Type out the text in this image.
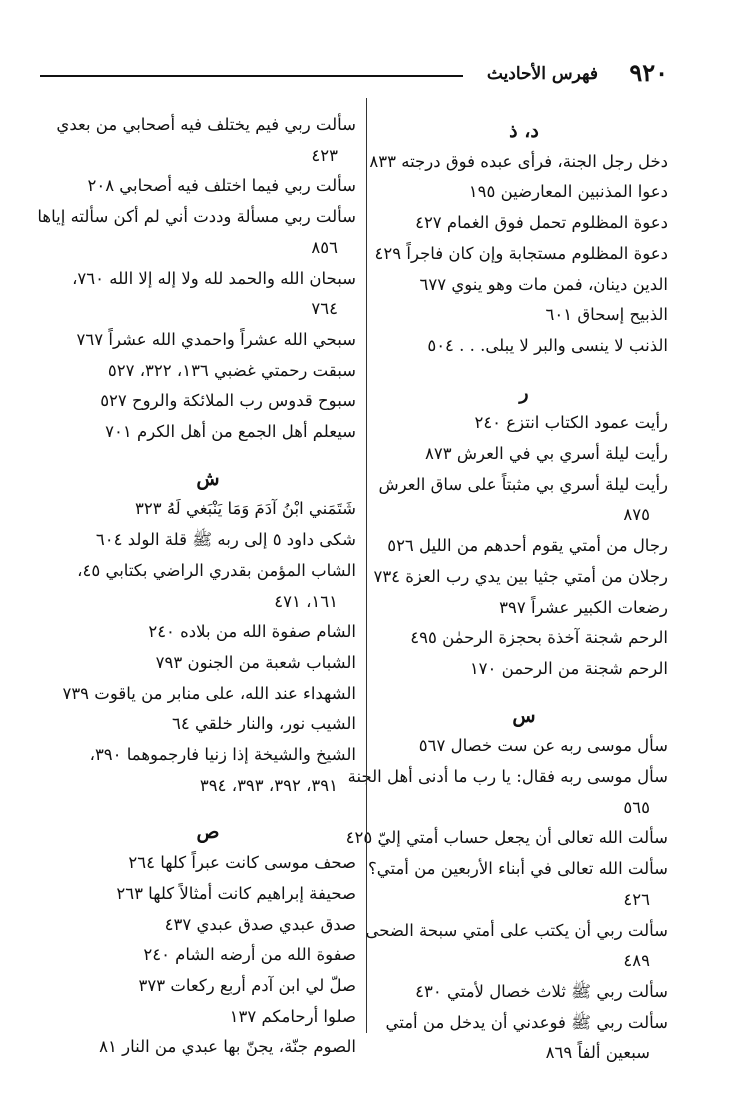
٩٢٠
فهرس الأحاديث
د، ذ
دخل رجل الجنة، فرأى عبده فوق درجته ٨٣٣
دعوا المذنبين المعارضين ١٩٥
دعوة المظلوم تحمل فوق الغمام ٤٢٧
دعوة المظلوم مستجابة وإن كان فاجراً ٤٢٩
الدين دينان، فمن مات وهو ينوي ٦٧٧
الذبيح إسحاق ٦٠١
الذنب لا ينسى والبر لا يبلى. . . ٥٠٤
ر
رأيت عمود الكتاب انتزع ٢٤٠
رأيت ليلة أسري بي في العرش ٨٧٣
رأيت ليلة أسري بي مثبتاً على ساق العرش
٨٧٥
رجال من أمتي يقوم أحدهم من الليل ٥٢٦
رجلان من أمتي جثيا بين يدي رب العزة ٧٣٤
رضعات الكبير عشراً ٣٩٧
الرحم شجنة آخذة بحجزة الرحمٰن ٤٩٥
الرحم شجنة من الرحمن ١٧٠
س
سأل موسى ربه عن ست خصال ٥٦٧
سأل موسى ربه فقال: يا رب ما أدنى أهل الجنة
٥٦٥
سألت الله تعالى أن يجعل حساب أمتي إليّ ٤٢٥
سألت الله تعالى في أبناء الأربعين من أمتي؟
٤٢٦
سألت ربي أن يكتب على أمتي سبحة الضحى
٤٨٩
سألت ربي ﷺ ثلاث خصال لأمتي ٤٣٠
سألت ربي ﷺ فوعدني أن يدخل من أمتي
سبعين ألفاً ٨٦٩
سألت ربي فيم يختلف فيه أصحابي من بعدي
٤٢٣
سألت ربي فيما اختلف فيه أصحابي ٢٠٨
سألت ربي مسألة وددت أني لم أكن سألته إياها
٨٥٦
سبحان الله والحمد لله ولا إله إلا الله ٧٦٠،
٧٦٤
سبحي الله عشراً واحمدي الله عشراً ٧٦٧
سبقت رحمتي غضبي ١٣٦، ٣٢٢، ٥٢٧
سبوح قدوس رب الملائكة والروح ٥٢٧
سيعلم أهل الجمع من أهل الكرم ٧٠١
ش
شَتَمَني ابْنُ آدَمَ وَمَا يَنْبَغي لَهُ ٣٢٣
شكى داود ٥ إلى ربه ﷺ قلة الولد ٦٠٤
الشاب المؤمن بقدري الراضي بكتابي ٤٥،
١٦١، ٤٧١
الشام صفوة الله من بلاده ٢٤٠
الشباب شعبة من الجنون ٧٩٣
الشهداء عند الله، على منابر من ياقوت ٧٣٩
الشيب نور، والنار خلقي ٦٤
الشيخ والشيخة إذا زنيا فارجموهما ٣٩٠،
٣٩١، ٣٩٢، ٣٩٣، ٣٩٤
ص
صحف موسى كانت عبراً كلها ٢٦٤
صحيفة إبراهيم كانت أمثالاً كلها ٢٦٣
صدق عبدي صدق عبدي ٤٣٧
صفوة الله من أرضه الشام ٢٤٠
صلّ لي ابن آدم أربع ركعات ٣٧٣
صلوا أرحامكم ١٣٧
الصوم جنّة، يجنّ بها عبدي من النار ٨١
